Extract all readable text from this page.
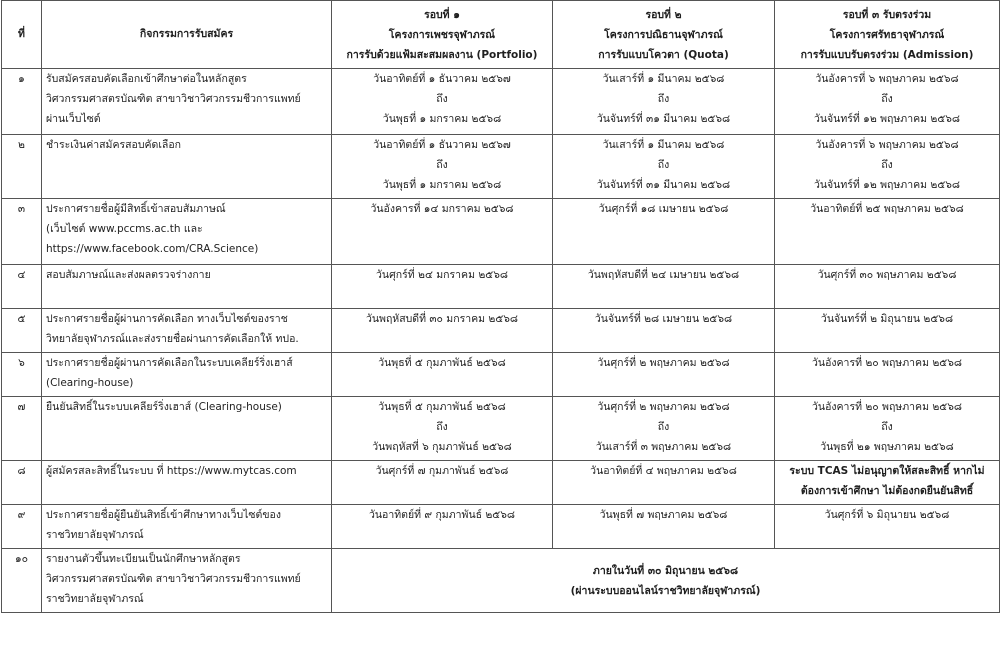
ที่	กิจกรรมการรับสมัคร	รอบที่ ๑
โครงการเพชรจุฬาภรณ์
การรับด้วยแฟ้มสะสมผลงาน (Portfolio)	รอบที่ ๒
โครงการปณิธานจุฬาภรณ์
การรับแบบโควตา (Quota)	รอบที่ ๓ รับตรงร่วม
โครงการศรัทธาจุฬาภรณ์
การรับแบบรับตรงร่วม (Admission)

๑	รับสมัครสอบคัดเลือกเข้าศึกษาต่อในหลักสูตร
วิศวกรรมศาสตรบัณฑิต สาขาวิชาวิศวกรรมชีวการแพทย์
ผ่านเว็บไซต์	วันอาทิตย์ที่ ๑ ธันวาคม ๒๕๖๗
ถึง
วันพุธที่ ๑ มกราคม ๒๕๖๘	วันเสาร์ที่ ๑ มีนาคม ๒๕๖๘
ถึง
วันจันทร์ที่ ๓๑ มีนาคม ๒๕๖๘	วันอังคารที่ ๖ พฤษภาคม ๒๕๖๘
ถึง
วันจันทร์ที่ ๑๒ พฤษภาคม ๒๕๖๘

๒	ชำระเงินค่าสมัครสอบคัดเลือก	วันอาทิตย์ที่ ๑ ธันวาคม ๒๕๖๗
ถึง
วันพุธที่ ๑ มกราคม ๒๕๖๘	วันเสาร์ที่ ๑ มีนาคม ๒๕๖๘
ถึง
วันจันทร์ที่ ๓๑ มีนาคม ๒๕๖๘	วันอังคารที่ ๖ พฤษภาคม ๒๕๖๘
ถึง
วันจันทร์ที่ ๑๒ พฤษภาคม ๒๕๖๘

๓	ประกาศรายชื่อผู้มีสิทธิ์เข้าสอบสัมภาษณ์
(เว็บไซต์ www.pccms.ac.th และ
https://www.facebook.com/CRA.Science)	วันอังคารที่ ๑๔ มกราคม ๒๕๖๘	วันศุกร์ที่ ๑๘ เมษายน ๒๕๖๘	วันอาทิตย์ที่ ๒๕ พฤษภาคม ๒๕๖๘

๔	สอบสัมภาษณ์และส่งผลตรวจร่างกาย	วันศุกร์ที่ ๒๔ มกราคม ๒๕๖๘	วันพฤหัสบดีที่ ๒๔ เมษายน ๒๕๖๘	วันศุกร์ที่ ๓๐ พฤษภาคม ๒๕๖๘

๕	ประกาศรายชื่อผู้ผ่านการคัดเลือก ทางเว็บไซต์ของราช
วิทยาลัยจุฬาภรณ์และส่งรายชื่อผ่านการคัดเลือกให้ ทปอ.	วันพฤหัสบดีที่ ๓๐ มกราคม ๒๕๖๘	วันจันทร์ที่ ๒๘ เมษายน ๒๕๖๘	วันจันทร์ที่ ๒ มิถุนายน ๒๕๖๘

๖	ประกาศรายชื่อผู้ผ่านการคัดเลือกในระบบเคลียร์ริ่งเฮาส์
(Clearing-house)	วันพุธที่ ๕ กุมภาพันธ์ ๒๕๖๘	วันศุกร์ที่ ๒ พฤษภาคม ๒๕๖๘	วันอังคารที่ ๒๐ พฤษภาคม ๒๕๖๘

๗	ยืนยันสิทธิ์ในระบบเคลียร์ริ่งเฮาส์ (Clearing-house)	วันพุธที่ ๕ กุมภาพันธ์ ๒๕๖๘
ถึง
วันพฤหัสที่ ๖ กุมภาพันธ์ ๒๕๖๘	วันศุกร์ที่ ๒ พฤษภาคม ๒๕๖๘
ถึง
วันเสาร์ที่ ๓ พฤษภาคม ๒๕๖๘	วันอังคารที่ ๒๐ พฤษภาคม ๒๕๖๘
ถึง
วันพุธที่ ๒๑ พฤษภาคม ๒๕๖๘

๘	ผู้สมัครสละสิทธิ์ในระบบ ที่ https://www.mytcas.com	วันศุกร์ที่ ๗ กุมภาพันธ์ ๒๕๖๘	วันอาทิตย์ที่ ๔ พฤษภาคม ๒๕๖๘	ระบบ TCAS ไม่อนุญาตให้สละสิทธิ์ หากไม่
ต้องการเข้าศึกษา ไม่ต้องกดยืนยันสิทธิ์

๙	ประกาศรายชื่อผู้ยืนยันสิทธิ์เข้าศึกษาทางเว็บไซต์ของ
ราชวิทยาลัยจุฬาภรณ์	วันอาทิตย์ที่ ๙ กุมภาพันธ์ ๒๕๖๘	วันพุธที่ ๗ พฤษภาคม ๒๕๖๘	วันศุกร์ที่ ๖ มิถุนายน ๒๕๖๘

๑๐	รายงานตัวขึ้นทะเบียนเป็นนักศึกษาหลักสูตร
วิศวกรรมศาสตรบัณฑิต สาขาวิชาวิศวกรรมชีวการแพทย์
ราชวิทยาลัยจุฬาภรณ์	ภายในวันที่ ๓๐ มิถุนายน ๒๕๖๘
(ผ่านระบบออนไลน์ราชวิทยาลัยจุฬาภรณ์)		
